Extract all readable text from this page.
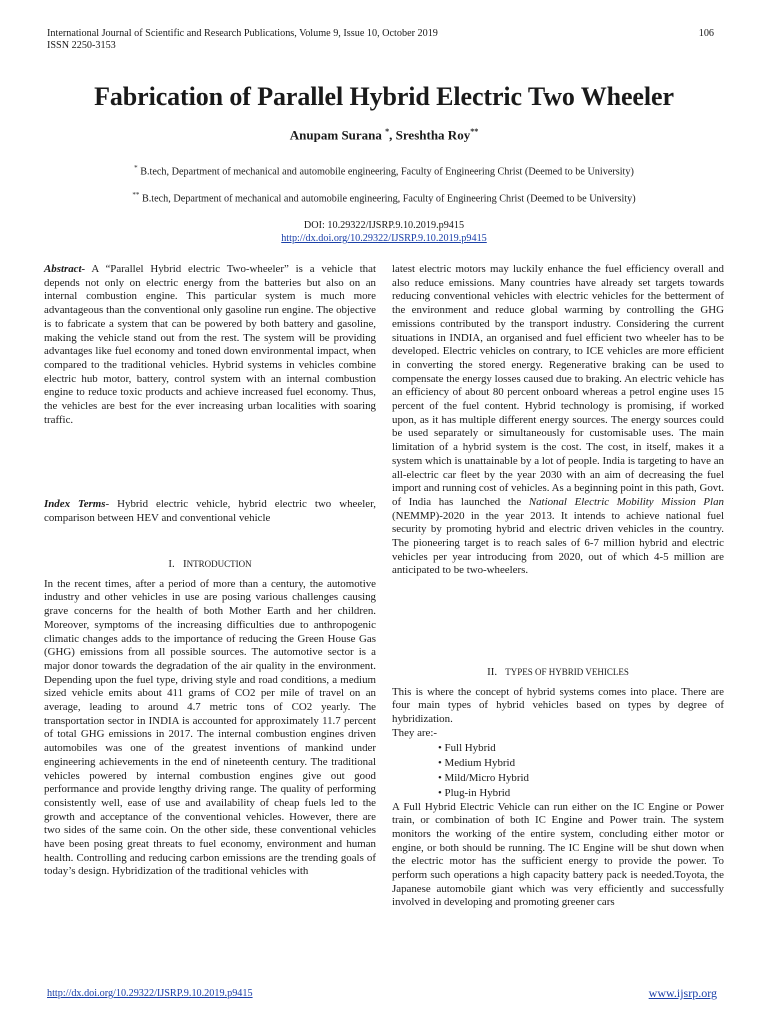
International Journal of Scientific and Research Publications, Volume 9, Issue 10, October 2019
ISSN 2250-3153
106
Fabrication of Parallel Hybrid Electric Two Wheeler
Anupam Surana *, Sreshtha Roy**
* B.tech, Department of mechanical and automobile engineering, Faculty of Engineering Christ (Deemed to be University)
** B.tech, Department of mechanical and automobile engineering, Faculty of Engineering Christ (Deemed to be University)
DOI: 10.29322/IJSRP.9.10.2019.p9415
http://dx.doi.org/10.29322/IJSRP.9.10.2019.p9415

Abstract- A “Parallel Hybrid electric Two-wheeler” is a vehicle that depends not only on electric energy from the batteries but also on an internal combustion engine. This particular system is much more advantageous than the conventional only gasoline run engine. The objective is to fabricate a system that can be powered by both battery and gasoline, making the vehicle stand out from the rest. The system will be providing advantages like fuel economy and toned down environmental impact, when compared to the traditional vehicles. Hybrid systems in vehicles combine electric hub motor, battery, control system with an internal combustion engine to reduce toxic products and achieve increased fuel economy. Thus, the vehicles are best for the ever increasing urban localities with soaring traffic.

Index Terms- Hybrid electric vehicle, hybrid electric two wheeler, comparison between HEV and conventional vehicle

I. INTRODUCTION

In the recent times, after a period of more than a century, the automotive industry and other vehicles in use are posing various challenges causing grave concerns for the health of both Mother Earth and her children. Moreover, symptoms of the increasing difficulties due to anthropogenic climatic changes adds to the importance of reducing the Green House Gas (GHG) emissions from all possible sources. The automotive sector is a major donor towards the degradation of the air quality in the environment. Depending upon the fuel type, driving style and road conditions, a medium sized vehicle emits about 411 grams of CO2 per mile of travel on an average, leading to around 4.7 metric tons of CO2 yearly. The transportation sector in INDIA is accounted for approximately 11.7 percent of total GHG emissions in 2017. The internal combustion engines driven automobiles was one of the greatest inventions of mankind under engineering achievements in the end of nineteenth century. The traditional vehicles powered by internal combustion engines give out good performance and provide lengthy driving range. The quality of performing consistently well, ease of use and availability of cheap fuels led to the growth and acceptance of the conventional vehicles. However, there are two sides of the same coin. On the other side, these conventional vehicles have been posing great threats to fuel economy, environment and human health. Controlling and reducing carbon emissions are the trending goals of today’s design. Hybridization of the traditional vehicles with

latest electric motors may luckily enhance the fuel efficiency overall and also reduce emissions. Many countries have already set targets towards reducing conventional vehicles with electric vehicles for the betterment of the environment and reduce global warming by controlling the GHG emissions contributed by the transport industry. Considering the current situations in INDIA, an organised and fuel efficient two wheeler has to be developed. Electric vehicles on contrary, to ICE vehicles are more efficient in converting the stored energy. Regenerative braking can be used to compensate the energy losses caused due to braking. An electric vehicle has an efficiency of about 80 percent onboard whereas a petrol engine uses 15 percent of the fuel content. Hybrid technology is promising, if worked upon, as it has multiple different energy sources. The energy sources could be used separately or simultaneously for customisable uses. The main limitation of a hybrid system is the cost. The cost, in itself, makes it a system which is unattainable by a lot of people. India is targeting to have an all-electric car fleet by the year 2030 with an aim of decreasing the fuel import and running cost of vehicles. As a beginning point in this path, Govt. of India has launched the National Electric Mobility Mission Plan (NEMMP)-2020 in the year 2013. It intends to achieve national fuel security by promoting hybrid and electric driven vehicles in the country. The pioneering target is to reach sales of 6-7 million hybrid and electric vehicles per year introducing from 2020, out of which 4-5 million are anticipated to be two-wheelers.

II. TYPES OF HYBRID VEHICLES

This is where the concept of hybrid systems comes into place. There are four main types of hybrid vehicles based on types by degree of hybridization.

They are:-

• Full Hybrid
• Medium Hybrid
• Mild/Micro Hybrid
• Plug-in Hybrid

A Full Hybrid Electric Vehicle can run either on the IC Engine or Power train, or combination of both IC Engine and Power train. The system monitors the working of the entire system, concluding either motor or engine, or both should be running. The IC Engine will be shut down when the electric motor has the sufficient energy to provide the power. To perform such operations a high capacity battery pack is needed.Toyota, the Japanese automobile giant which was very efficiently and successfully involved in developing and promoting greener cars

http://dx.doi.org/10.29322/IJSRP.9.10.2019.p9415	www.ijsrp.org
